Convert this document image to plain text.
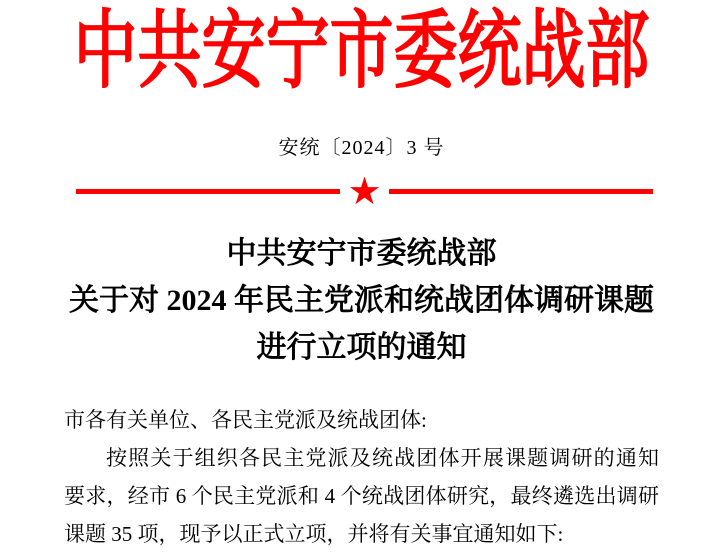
中共安宁市委统战部
安统〔2024〕3 号
★
中共安宁市委统战部
关于对 2024 年民主党派和统战团体调研课题
进行立项的通知

市各有关单位、各民主党派及统战团体:

按照关于组织各民主党派及统战团体开展课题调研的通知

要求，经市 6 个民主党派和 4 个统战团体研究，最终遴选出调研

课题 35 项，现予以正式立项，并将有关事宜通知如下:
